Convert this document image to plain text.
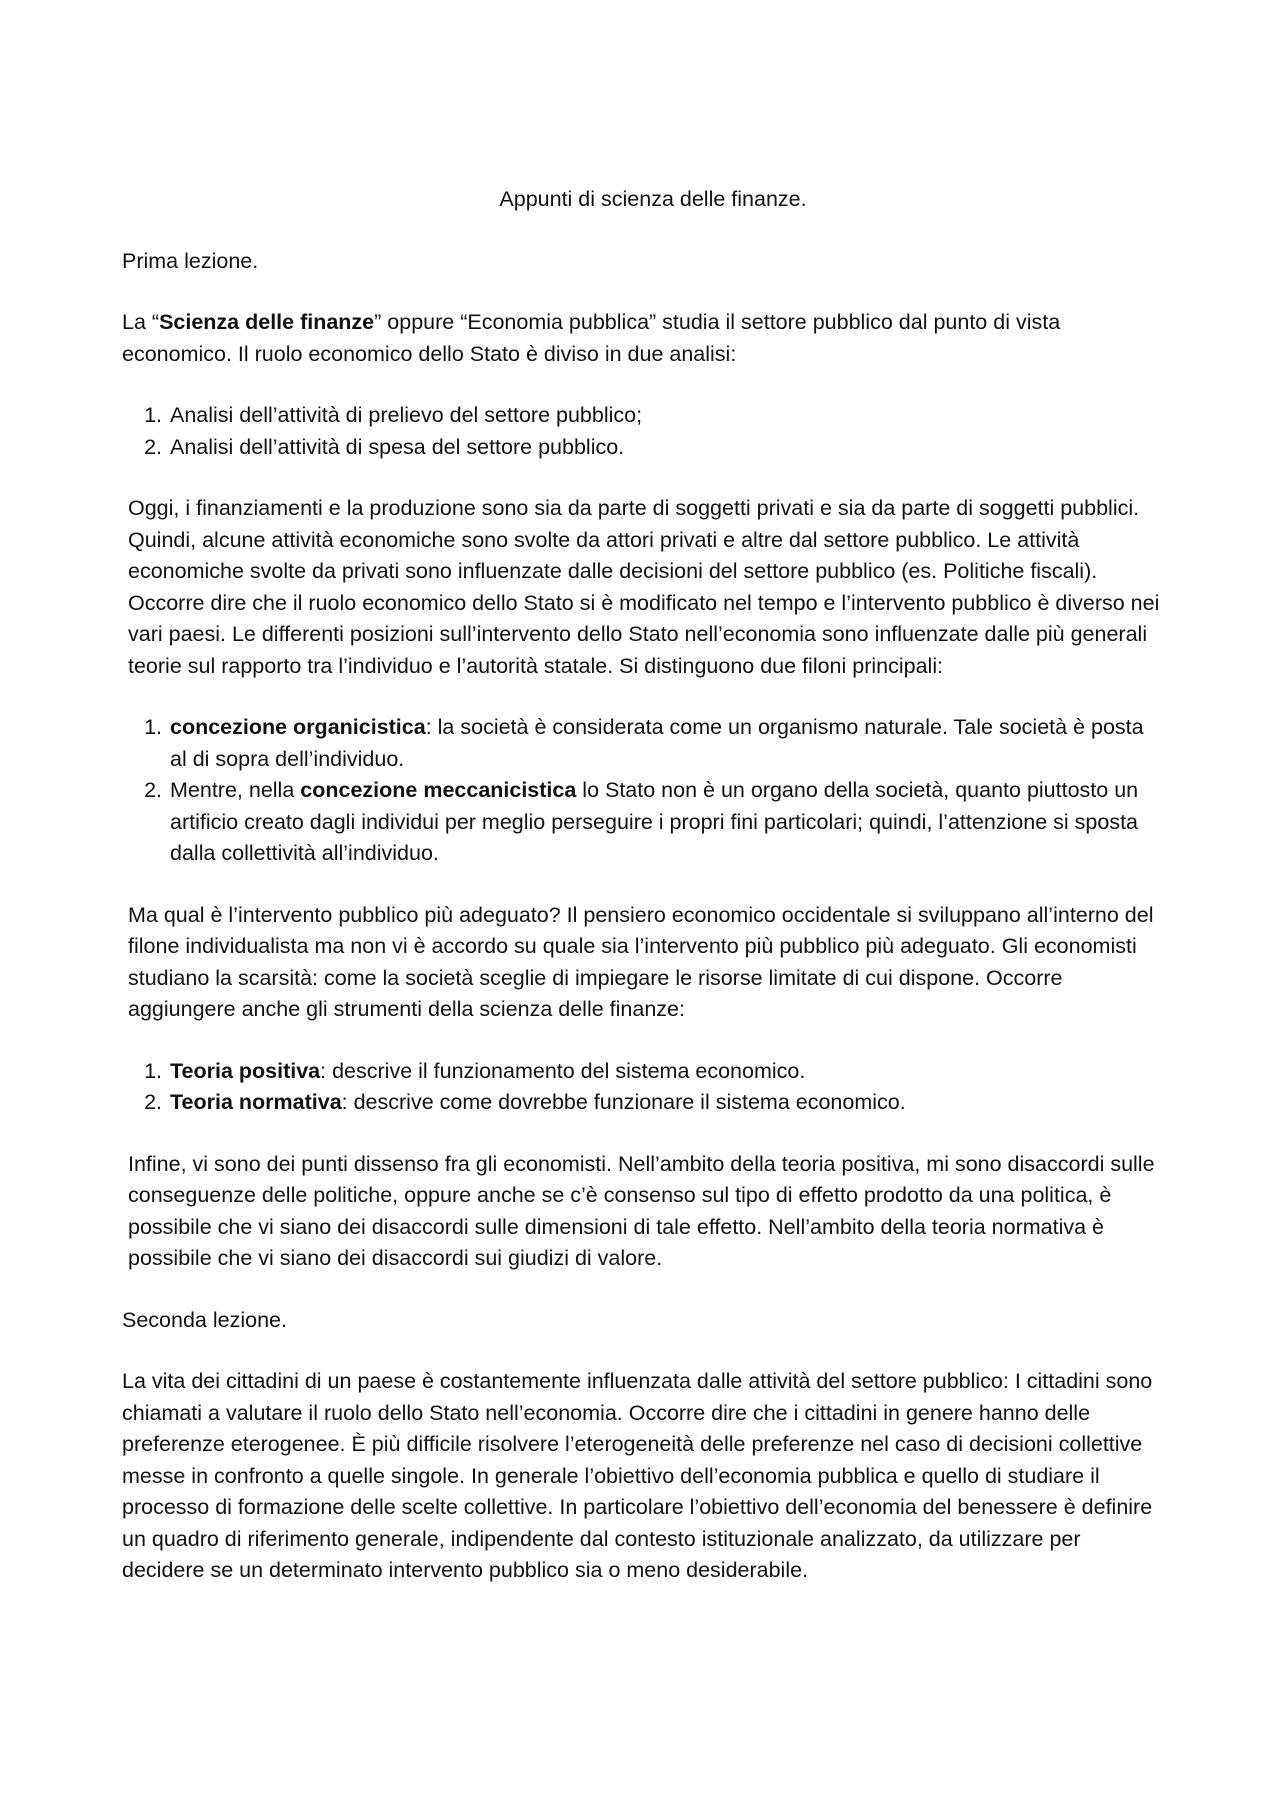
Appunti di scienza delle finanze.

Prima lezione.

La “Scienza delle finanze” oppure “Economia pubblica” studia il settore pubblico dal punto di vista economico. Il ruolo economico dello Stato è diviso in due analisi:

1. Analisi dell’attività di prelievo del settore pubblico;
2. Analisi dell’attività di spesa del settore pubblico.

Oggi, i finanziamenti e la produzione sono sia da parte di soggetti privati e sia da parte di soggetti pubblici. Quindi, alcune attività economiche sono svolte da attori privati e altre dal settore pubblico. Le attività economiche svolte da privati sono influenzate dalle decisioni del settore pubblico (es. Politiche fiscali). Occorre dire che il ruolo economico dello Stato si è modificato nel tempo e l’intervento pubblico è diverso nei vari paesi. Le differenti posizioni sull’intervento dello Stato nell’economia sono influenzate dalle più generali teorie sul rapporto tra l’individuo e l’autorità statale. Si distinguono due filoni principali:

1. concezione organicistica: la società è considerata come un organismo naturale. Tale società è posta al di sopra dell’individuo.
2. Mentre, nella concezione meccanicistica lo Stato non è un organo della società, quanto piuttosto un artificio creato dagli individui per meglio perseguire i propri fini particolari; quindi, l’attenzione si sposta dalla collettività all’individuo.

Ma qual è l’intervento pubblico più adeguato? Il pensiero economico occidentale si sviluppano all’interno del filone individualista ma non vi è accordo su quale sia l’intervento più pubblico più adeguato. Gli economisti studiano la scarsità: come la società sceglie di impiegare le risorse limitate di cui dispone. Occorre aggiungere anche gli strumenti della scienza delle finanze:

1. Teoria positiva: descrive il funzionamento del sistema economico.
2. Teoria normativa: descrive come dovrebbe funzionare il sistema economico.

Infine, vi sono dei punti dissenso fra gli economisti. Nell’ambito della teoria positiva, mi sono disaccordi sulle conseguenze delle politiche, oppure anche se c’è consenso sul tipo di effetto prodotto da una politica, è possibile che vi siano dei disaccordi sulle dimensioni di tale effetto. Nell’ambito della teoria normativa è possibile che vi siano dei disaccordi sui giudizi di valore.

Seconda lezione.

La vita dei cittadini di un paese è costantemente influenzata dalle attività del settore pubblico: I cittadini sono chiamati a valutare il ruolo dello Stato nell’economia. Occorre dire che i cittadini in genere hanno delle preferenze eterogenee. È più difficile risolvere l’eterogeneità delle preferenze nel caso di decisioni collettive messe in confronto a quelle singole. In generale l’obiettivo dell’economia pubblica e quello di studiare il processo di formazione delle scelte collettive. In particolare l’obiettivo dell’economia del benessere è definire un quadro di riferimento generale, indipendente dal contesto istituzionale analizzato, da utilizzare per decidere se un determinato intervento pubblico sia o meno desiderabile.
